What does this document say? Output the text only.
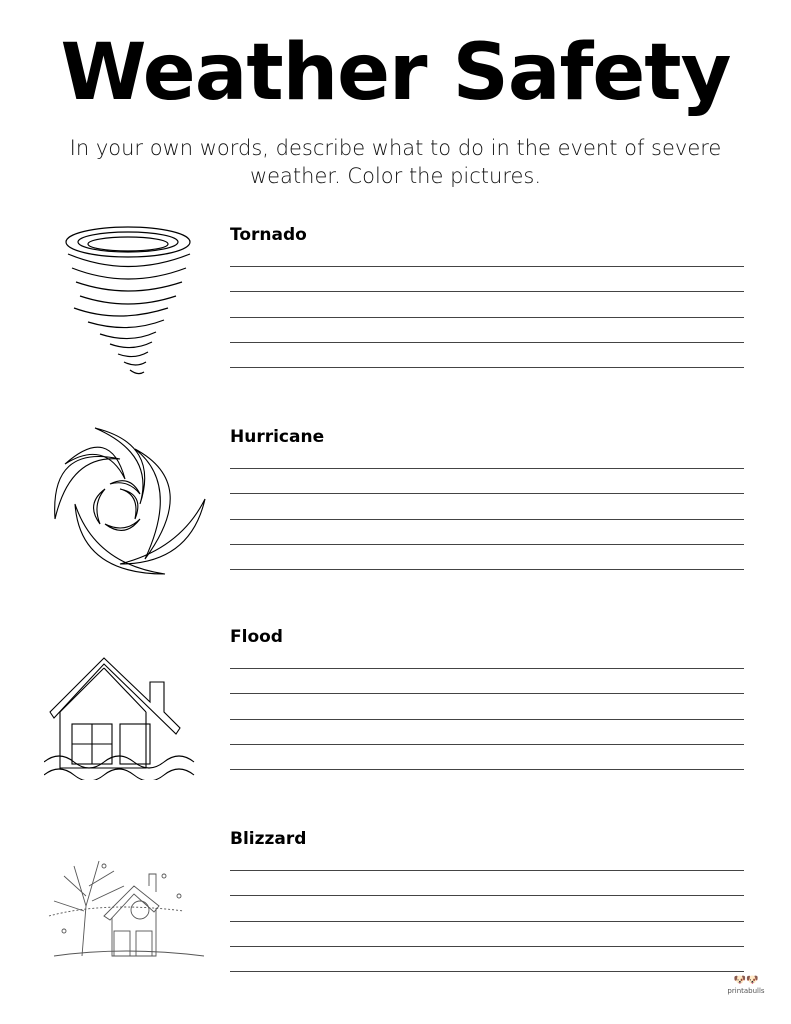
Weather Safety
In your own words, describe what to do in the event of severe weather. Color the pictures.
Tornado
Hurricane
Flood
Blizzard
🐶🐶
printabulls
